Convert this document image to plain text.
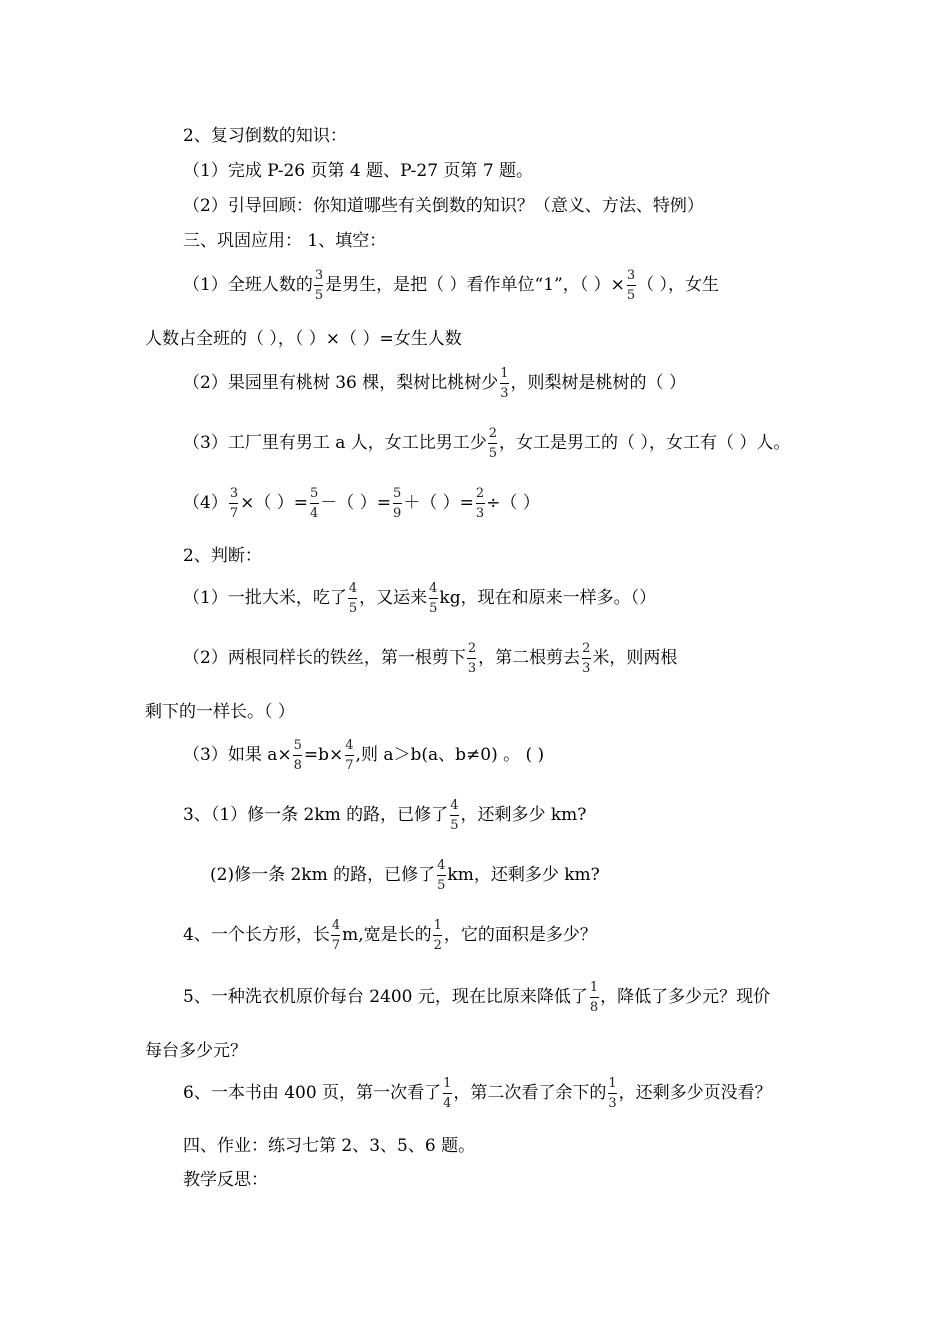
2、复习倒数的知识：
（1）完成 P-26 页第 4 题、P-27 页第 7 题。
（2）引导回顾：你知道哪些有关倒数的知识？（意义、方法、特例）
三、巩固应用： 1、填空：
（1）全班人数的 $\frac{3}{5}$ 是男生，是把（ ）看作单位“1”，（ ）× $\frac{3}{5}$ （ ），女生
人数占全班的（ ），（ ）×（ ）=女生人数
（2）果园里有桃树 36 棵，梨树比桃树少 $\frac{1}{3}$ ，则梨树是桃树的（ ）
（3）工厂里有男工 a 人，女工比男工少 $\frac{2}{5}$ ，女工是男工的（ ），女工有（ ）人。
$(4) \frac{3}{7}$ ×（ ）= $\frac{5}{4}$ －（ ）= $\frac{5}{9}$ ＋（ ）= $\frac{2}{3}$ ÷（ ）
2、判断：
（1）一批大米，吃了 $\frac{4}{5}$ ，又运来 $\frac{4}{5}$ kg，现在和原来一样多。（）
（2）两根同样长的铁丝，第一根剪下 $\frac{2}{3}$ ，第二根剪去 $\frac{2}{3}$ 米，则两根
剩下的一样长。（ ）
（3）如果 $a\times \frac{5}{8} =b\times \frac{4}{7}$ ,则 a＞b(a、b≠0) 。 ( )
3、（1）修一条 2km 的路，已修了 $\frac{4}{5}$ ，还剩多少 km?
(2)修一条 2km 的路，已修了 $\frac{4}{5}$ km，还剩多少 km?
4、一个长方形，长 $\frac{4}{7} m$,宽是长的 $\frac{1}{2}$ ，它的面积是多少？
5、一种洗衣机原价每台 2400 元，现在比原来降低了 $\frac{1}{8}$ ，降低了多少元？现价
每台多少元？
6、一本书由 400 页，第一次看了 $\frac{1}{4}$ ，第二次看了余下的 $\frac{1}{3}$ ，还剩多少页没看？
四、作业：练习七第 2、3、5、6 题。
教学反思：
